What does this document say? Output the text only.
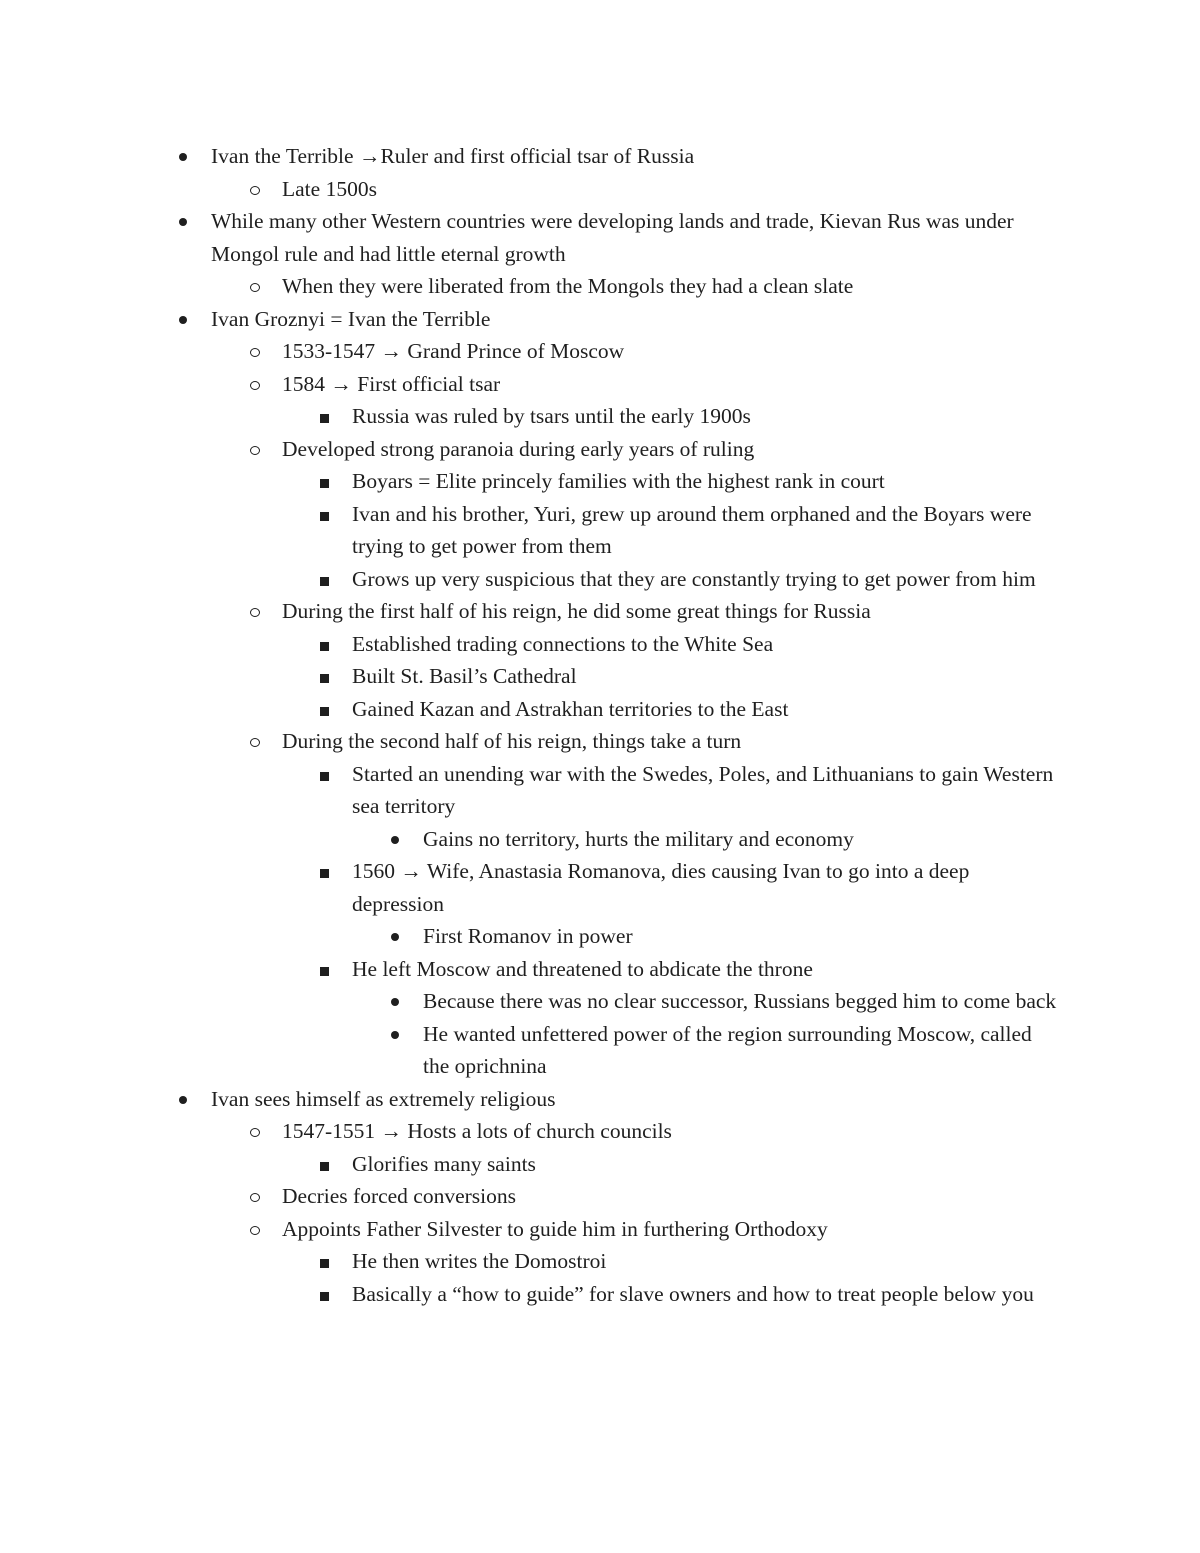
Ivan the Terrible →Ruler and first official tsar of Russia
Late 1500s
While many other Western countries were developing lands and trade, Kievan Rus was under Mongol rule and had little eternal growth
When they were liberated from the Mongols they had a clean slate
Ivan Groznyi = Ivan the Terrible
1533-1547 → Grand Prince of Moscow
1584 → First official tsar
Russia was ruled by tsars until the early 1900s
Developed strong paranoia during early years of ruling
Boyars = Elite princely families with the highest rank in court
Ivan and his brother, Yuri, grew up around them orphaned and the Boyars were trying to get power from them
Grows up very suspicious that they are constantly trying to get power from him
During the first half of his reign, he did some great things for Russia
Established trading connections to the White Sea
Built St. Basil’s Cathedral
Gained Kazan and Astrakhan territories to the East
During the second half of his reign, things take a turn
Started an unending war with the Swedes, Poles, and Lithuanians to gain Western sea territory
Gains no territory, hurts the military and economy
1560 → Wife, Anastasia Romanova, dies causing Ivan to go into a deep depression
First Romanov in power
He left Moscow and threatened to abdicate the throne
Because there was no clear successor, Russians begged him to come back
He wanted unfettered power of the region surrounding Moscow, called the oprichnina
Ivan sees himself as extremely religious
1547-1551 → Hosts a lots of church councils
Glorifies many saints
Decries forced conversions
Appoints Father Silvester to guide him in furthering Orthodoxy
He then writes the Domostroi
Basically a “how to guide” for slave owners and how to treat people below you
